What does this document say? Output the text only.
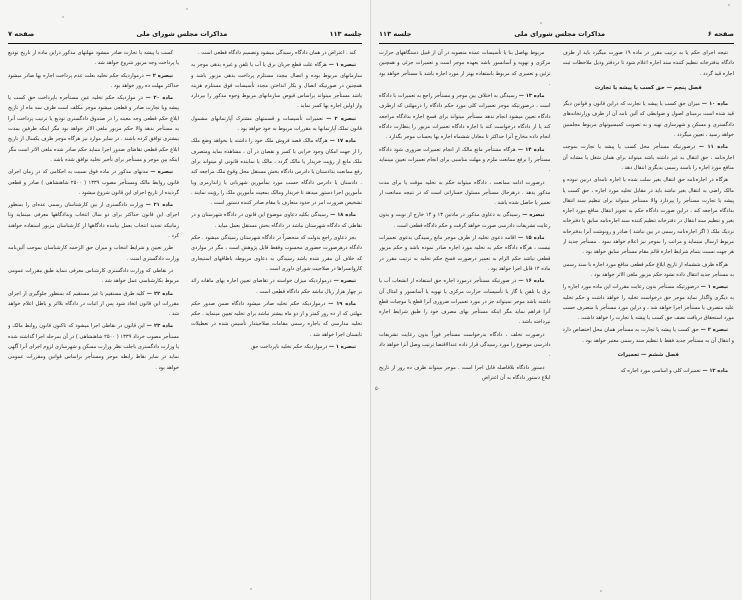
جلسه ۱۱۳
مذاکرات مجلس شورای ملی
صفحه ۷

کند . اعتراض در همان دادگاه رسیدگی میشود وتصمیم دادگاه قطعی است .

تبصره ۱ — هرگاه علت قطع جریان برق یا آب یا تلفن و غیره بدهی موجر به سازمانهای مربوط بوده و اتصال مجدد مستلزم پرداخت بدهی مزبور باشد و همچنین در صورتیکه اتصال و بکار انداختن مجدد تأسیسات فوق مستلزم هزینه باشد مستأجر میتواند براساس قبوض سازمانهای مربوط وجوه مذکور را بپردازد واز اولین اجاره بها کسر نماید .

تبصره ۲ — تعمیرات تأسیسات و قسمتهای مشترک آپارتمانهای مشمول قانون تملک آپارتمانها به مقررات مربوط به خود خواهد بود .

ماده ۱۷ — هرگاه مالک قصد فروش ملک خود را داشته یا بخواهد وضع ملک را از جهت امکان وجود خرابی یا کسر و نقصان در آن ، مشاهده نماید ومتصرف ملک مانع از رؤیت خریدار یا مالک گردد ، مالک یا نماینده قانونی او میتواند برای رفع ممانعت بدادستان یا دادرس دادگاه بخش مستقل محل وقوع ملک مراجعه کند . دادستان یا دادرس دادگاه حسب مورد بمأمورین شهربانی یا ژاندارمری ویا مأمورین اجرا دستور میدهد تا خریدار ومالک بمعیت مأمورین ملک را رؤیت نمایند . تشخیص ضرورت امر در حدود متعارف با مقام صادر کننده دستور است .

ماده ۱۸ — رسیدگی بکلیه دعاوی موضوع این قانون در دادگاه شهرستان و در نقاطی که دادگاه شهرستان نباشد در دادگاه بخش مستقل بعمل میاید .

بجز دعاوی راجع بدولت که منحصراً در دادگاه شهرستان رسیدگی میشود . حکم دادگاه درهرصورت حضوری محسوب وفقط قابل پژوهش است ، مگر در مواردی که خلاف آن مقرر شده باشد رسیدگی به دعاوی مربوطه باطاقهای استیجاری کاروانسراها در صلاحیت شورای داوری است .

تبصره — درمواردیکه میزان خواسته در تقاضای تعیین اجاره بهای ماهانه زائد بر چهار هزار ریال نباشد حکم دادگاه قطعی است .

ماده ۱۹ — درمواردیکه حکم تخلیه صادر میشود دادگاه ضمن صدور حکم مهلتی که از ده روز کمتر و از دو ماه بیشتر نباشد برای تخلیه تعیین مینماید . حکم تخلیه مدارسی که باجازه رسمی مقامات صلاحیتدار تأسیس شده در تعطیلات تابستان اجرا خواهد شد .

تبصره ۱ — درمواردیکه حکم تخلیه باپرداخت حق

کسب یا پیشه یا تجارت صادر میشود مهلتهای مذکور دراین ماده از تاریخ تودیع یا پرداخت وجه مزبور شروع خواهد شد .

تبصره ۲ — درمواردیکه حکم تخلیه بعلت عدم پرداخت اجاره بها صادر میشود حداکثر مهلت ده روز خواهد بود .

ماده ۲۰ — در مواردیکه حکم تخلیه عین مستأجره باپرداخت حق کسب یا پیشه ویا تجارت صادر و قطعی میشود موجر مکلف است ظرف سه ماه از تاریخ ابلاغ حکم قطعی وجه معینه را در صندوق دادگستری تودیع یا ترتیب پرداخت آنرا به مستأجر بدهد والا حکم مزبور ملغی الاثر خواهد بود مگر اینکه طرفین بمدت بیشتری توافق کرده باشند . در سایر موارد نیز هرگاه موجر ظرف یکسال از تاریخ ابلاغ حکم قطعی تقاضای صدور اجرا ننماید حکم صادر شده ملغی الاثر است مگر اینکه بین موجر و مستأجر برای تأخیر تخلیه توافق شده باشد .

تبصره — مدتهای مذکور در ماده فوق نسبت به احکامی که در زمان اجرای قانون روابط مالک ومستأجر مصوب ۱۳۳۹ ( ۲۵۰۰ شاهنشاهی ) صادر و قطعی گردیده از تاریخ اجرای این قانون شروع میشود .

ماده ۲۱ — وزارت دادگستری از بین کارشناسان رسمی عده‌ای را بمنظور اجرای این قانون حداکثر برای دو سال انتخاب وبدادگاهها معرفی مینماید وتا زمانیکه تجدید انتخاب بعمل نیامده دادگاهها از کارشناسان مزبور استفاده خواهند کرد .

طرز تعیین و شرایط انتخاب و میزان حق الزحمه کارشناسان بموجب آئین‌نامه وزارت دادگستری است .

در نقاطی که وزارت دادگستری کارشناس معرفی ننماید طبق مقررات عمومی مربوط بکارشناسی عمل خواهد شد .

ماده ۲۲ — کلیه طرق مستقیم یا غیر مستقیم که بمنظور جلوگیری از اجرای مقررات این قانون اتخاذ شود پس از اثبات در دادگاه بلااثر و باطل اعلام خواهد شد .

ماده ۲۳ — این قانون در نقاطی اجرا میشود که تاکنون قانون روابط مالک و مستأجر مصوب خرداد ۱۳۳۹ ( ۲۵۰۰ شاهنشاهی ) در آن بمرحله اجرا گذاشته شده یا وزارت دادگستری باجلب نظر وزارت مسکن و شهرسازی لزوم اجرای آنرا آگهی نماید در سایر نقاط رابطه موجر ومستأجر براساس قوانین ومقررات عمومی خواهد بود .

صفحه ۶
مذاکرات مجلس شورای ملی
جلسه ۱۱۳

نتیجه اجرای حکم یا به ترتیب مقرر در ماده ۱۹ صورت میگیرد باید از طرف دادگاه بدفترخانه تنظیم کننده سند اجاره اعلام شود تا دردفتر وذیل ملاحظات ثبت اجاره قید گردد .

فصل پنجم — حق کسب یا پیشه یا تجارت

ماده ۱۰ — میزان حق کسب یا پیشه یا تجارت که دراین قانون و قوانین دیگر قید شده است برمبنای اصول و ضوابطی که آئین نامه آن از طرف وزارتخانه‌های دادگستری و مسکن و شهرسازی تهیه و به تصویب کمیسیونهای مربوط مجلسین خواهد رسید ، تعیین میگردد .

ماده ۱۱ — درصورتیکه مستأجر محل کسب یا پیشه یا تجارت بموجب اجاره‌نامه ، حق انتقال به غیر داشته باشد میتواند برای همان شغل یا مشابه آن منافع مورد اجاره را باسند رسمی بدیگری انتقال دهد .

هرگاه در اجاره‌نامه حق انتقال بغیر سلب شده یا اجاره نامه‌ای دربین نبوده و مالک راضی به انتقال بغیر نباشد باید در مقابل تخلیه مورد اجاره ، حق کسب یا پیشه یا تجارت مستأجر را بپردازد والا مستأجر میتواند برای تنظیم سند انتقال بدادگاه مراجعه کند ، دراین صورت دادگاه حکم به تجویز انتقال منافع مورد اجاره بغیر و تنظیم سند انتقال در دفترخانه تنظیم کننده سند اجاره‌نامه سابق یا دفترخانه نزدیک ملک ( اگر اجاره‌نامه رسمی در بین نباشد ) صادر و رونوشت آنرا بدفترخانه مربوط ارسال مینماید و مراتب را بموجر نیز اعلام خواهد نمود . مستأجر جدید از هر جهت نسبت بتمام شرایط اجاره قائم مقام مستأجر سابق خواهد بود .

هرگاه ظرف ششماه از تاریخ ابلاغ حکم قطعی منافع مورد اجاره با سند رسمی به مستأجر جدید انتقال داده نشود حکم مزبور ملغی الاثر خواهد بود .

تبصره ۱ — درصورتیکه مستأجر بدون رعایت مقررات این ماده مورد اجاره را به دیگری واگذار نماید موجر حق درخواست تخلیه را خواهد داشت و حکم تخلیه علیه متصرف یا مستأجر اجرا خواهد شد ، و دراین مورد مستأجر یا متصرف حسب مورد استحقاق دریافت نصف حق کسب یا پیشه یا تجارت را خواهد داشت .

تبصره ۲ — حق کسب یا پیشه یا تجارت به مستأجر همان محل اختصاص دارد و انتقال آن به مستأجر جدید فقط با تنظیم سند رسمی معتبر خواهد بود .

فصل ششم — تعمیرات

ماده ۱۲ — تعمیرات کلی و اساسی مورد اجاره که

مربوط بهاصل بنا یا تأسیسات عمده منصوبه در آن از قبیل دستگاههای حرارت مرکزی و تهویه و آسانسور باشد بعهده موجر است و تعمیرات جزئی و همچنین تزئین و تعمیری که مربوط باستفاده بهتر از مورد اجاره باشد با مستأجر خواهد بود .

ماده ۱۳ — رسیدگی به اختلاف بین موجر و مستأجر راجع به تعمیرات با دادگاه است ، درصورتیکه موجر تعمیرات کلی مورد حکم دادگاه را درمهلتی که ازطرف دادگاه تعیین میشود انجام ندهد مستأجر میتواند برای فسخ اجاره بدادگاه مراجعه کند یا از دادگاه درخواست کند با اجازه دادگاه تعمیرات مزبور را بنظارت دادگاه انجام داده مخارج آنرا حداکثر تا معادل ششماه اجاره بها بحساب موجر بگذارد .

ماده ۱۴ — هرگاه مستأجر مانع مالک از انجام تعمیرات ضروری شود دادگاه مستأجر را برفع ممانعت ملزم و مهلت مناسبی برای انجام تعمیرات تعیین مینماید .

درصورت ادامه ممانعت ، دادگاه میتواند حکم به تخلیه موقت یا برای مدت مذکور بدهد . درهرحال مستأجر مسئول خساراتی است که در نتیجه ممانعت از تعمیر یا حاصل شده باشد .

تبصره — رسیدگی به دعاوی مذکور در مادتین ۱۳ و ۱۴ خارج از نوبت و بدون رعایت تشریفات دادرسی صورت خواهد گرفت و حکم دادگاه قطعی است .

ماده ۱۵ — اقامه دعوی تخلیه از طرف موجر مانع رسیدگی بدعوی تعمیرات نیست ، هرگاه دادگاه حکم به تخلیه مورد اجاره صادر نموده باشد و حکم مزبور قطعی نباشد حکم الزام به تعمیر درصورت فسخ حکم تخلیه به ترتیب مقرر در ماده ۱۴ قابل اجرا خواهد بود .

ماده ۱۶ — در صورتیکه مستأجر درمورد اجاره حق استفاده از انشعاب آب یا برق یا تلفن یا گاز یا تأسیسات حرارت مرکزی یا تهویه یا آسانسور و امثال آن داشته باشد موجر نمیتواند جز در مورد تعمیرات ضروری آنرا قطع یا موجبات قطع آنرا فراهم نماید مگر اینکه مستأجر بهای مصرف خود را طبق شرایط اجاره نپرداخته باشد .

درصورت تخلف ، دادگاه بدرخواست مستأجر فوراً بدون رعایت تشریفات دادرسی موضوع را مورد رسیدگی قرار داده عندالاقتضا ترتیب وصل آنرا خواهد داد .

دستور دادگاه بلافاصله قابل اجرا است . موجر میتواند ظرف ده روز از تاریخ ابلاغ دستور دادگاه به آن اعتراض

۵۰
